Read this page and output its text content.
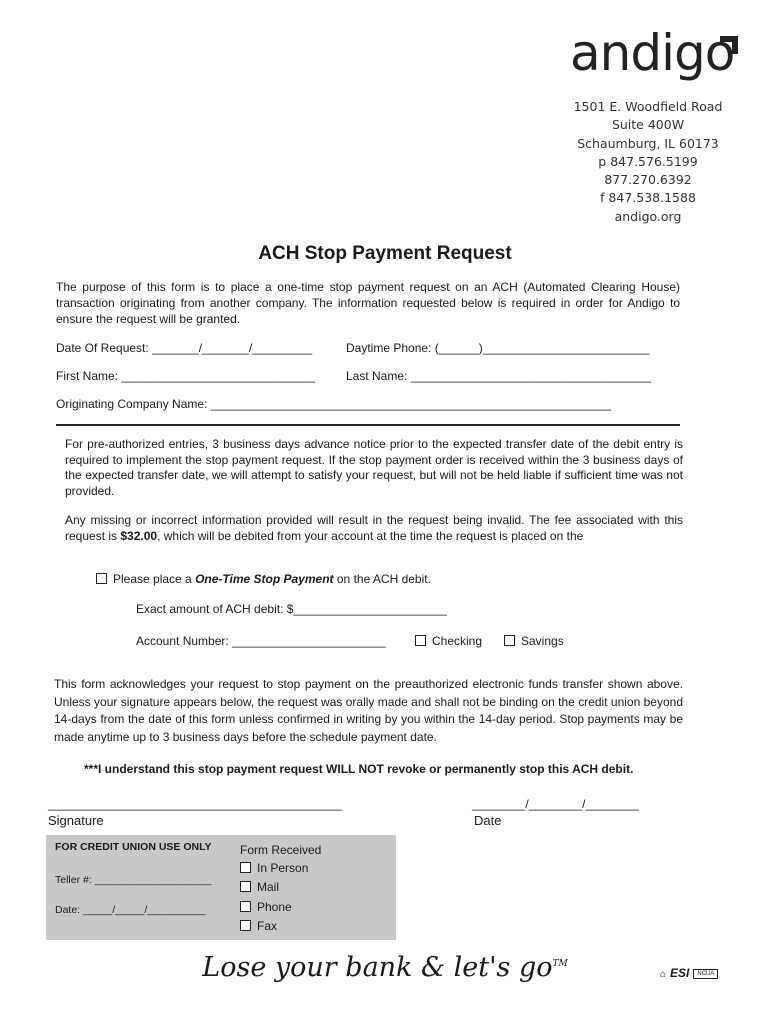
andigo
1501 E. Woodfield Road
Suite 400W
Schaumburg, IL 60173
p 847.576.5199
877.270.6392
f 847.538.1588
andigo.org
ACH Stop Payment Request
The purpose of this form is to place a one-time stop payment request on an ACH (Automated Clearing House) transaction originating from another company. The information requested below is required in order for Andigo to ensure the request will be granted.
Date Of Request: _______/_______/_________	Daytime Phone: (______)_________________________
First Name: _____________________________	Last Name: ____________________________________
Originating Company Name: ____________________________________________________________
For pre-authorized entries, 3 business days advance notice prior to the expected transfer date of the debit entry is required to implement the stop payment request. If the stop payment order is received within the 3 business days of the expected transfer date, we will attempt to satisfy your request, but will not be held liable if sufficient time was not provided.
Any missing or incorrect information provided will result in the request being invalid. The fee associated with this request is $32.00, which will be debited from your account at the time the request is placed on the
Please place a One-Time Stop Payment on the ACH debit.
Exact amount of ACH debit: $_______________________
Account Number: _______________________	Checking	Savings
This form acknowledges your request to stop payment on the preauthorized electronic funds transfer shown above. Unless your signature appears below, the request was orally made and shall not be binding on the credit union beyond 14-days from the date of this form unless confirmed in writing by you within the 14-day period. Stop payments may be made anytime up to 3 business days before the schedule payment date.
***I understand this stop payment request WILL NOT revoke or permanently stop this ACH debit.
____________________________________________
Signature
________/________/________
Date
FOR CREDIT UNION USE ONLY
Teller #: ____________________
Date: _____/_____/__________
Form Received
In Person
Mail
Phone
Fax
Lose your bank & let's go™
⌂ ESI NCUA
